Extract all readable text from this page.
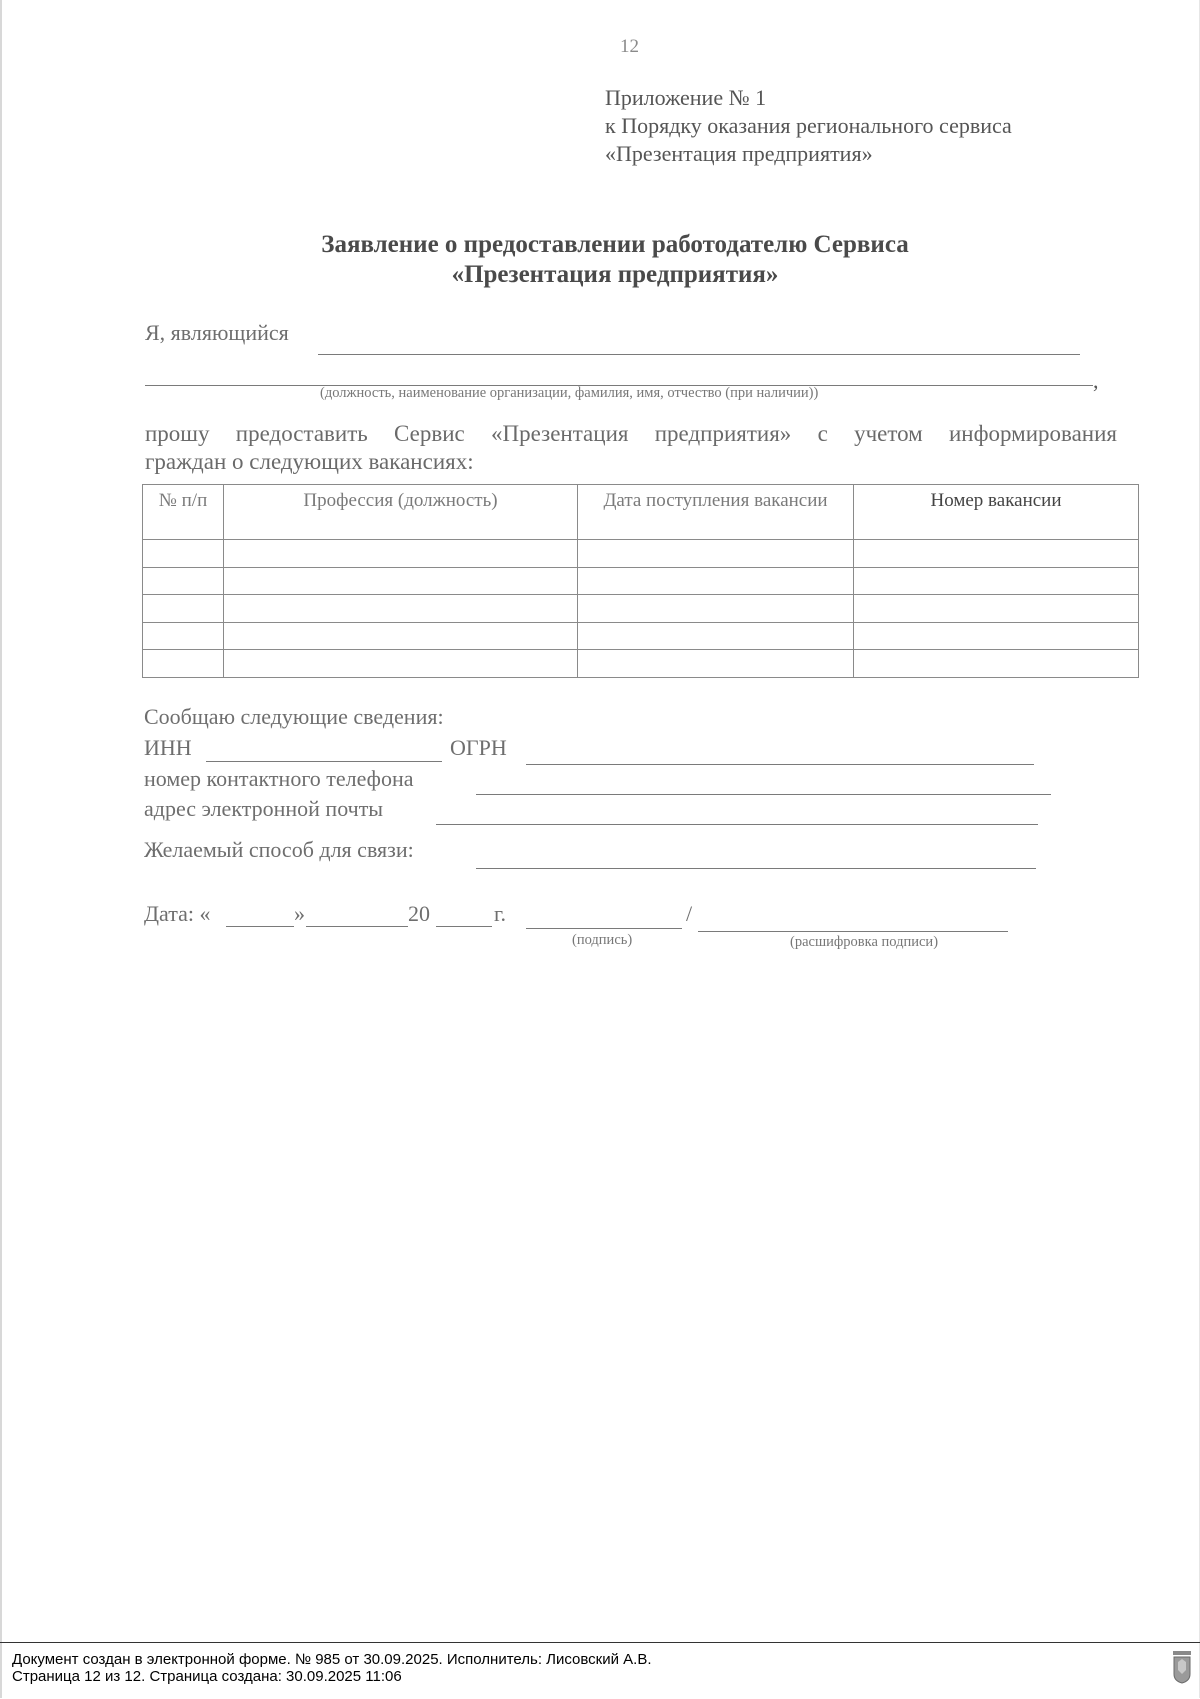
12
Приложение № 1
к Порядку оказания регионального сервиса
«Презентация предприятия»
Заявление о предоставлении работодателю Сервиса
«Презентация предприятия»
Я, являющийся
,
(должность, наименование организации, фамилия, имя, отчество (при наличии))
прошу предоставить Сервис «Презентация предприятия» с учетом информирования
граждан о следующих вакансиях:
№ п/п	Профессия (должность)	Дата поступления вакансии	Номер вакансии

Сообщаю следующие сведения:
ИНН	ОГРН
номер контактного телефона
адрес электронной почты
Желаемый способ для связи:
Дата: «	»	20	г.	/
(подпись)	(расшифровка подписи)
Документ создан в электронной форме. № 985 от 30.09.2025. Исполнитель: Лисовский А.В.
Страница 12 из 12. Страница создана: 30.09.2025 11:06
